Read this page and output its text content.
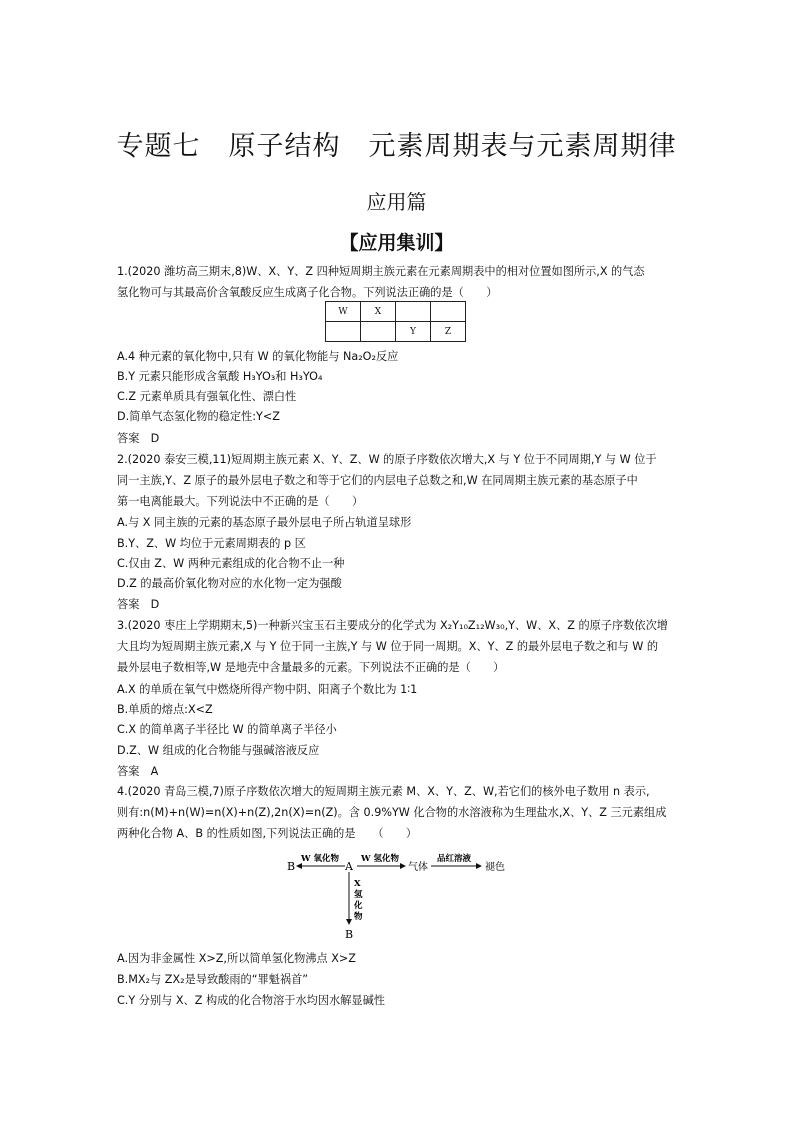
专题七　原子结构　元素周期表与元素周期律
应用篇
【应用集训】
1.(2020 潍坊高三期末,8)W、X、Y、Z 四种短周期主族元素在元素周期表中的相对位置如图所示,X 的气态
氢化物可与其最高价含氧酸反应生成离子化合物。下列说法正确的是（　　）
W	X		
		Y	Z
A.4 种元素的氧化物中,只有 W 的氧化物能与 Na₂O₂反应
B.Y 元素只能形成含氧酸 H₃YO₃和 H₃YO₄
C.Z 元素单质具有强氧化性、漂白性
D.简单气态氢化物的稳定性:Y<Z
答案　D
2.(2020 泰安三模,11)短周期主族元素 X、Y、Z、W 的原子序数依次增大,X 与 Y 位于不同周期,Y 与 W 位于
同一主族,Y、Z 原子的最外层电子数之和等于它们的内层电子总数之和,W 在同周期主族元素的基态原子中
第一电离能最大。下列说法中不正确的是（　　）
A.与 X 同主族的元素的基态原子最外层电子所占轨道呈球形
B.Y、Z、W 均位于元素周期表的 p 区
C.仅由 Z、W 两种元素组成的化合物不止一种
D.Z 的最高价氧化物对应的水化物一定为强酸
答案　D
3.(2020 枣庄上学期期末,5)一种新兴宝玉石主要成分的化学式为 X₂Y₁₀Z₁₂W₃₀,Y、W、X、Z 的原子序数依次增
大且均为短周期主族元素,X 与 Y 位于同一主族,Y 与 W 位于同一周期。X、Y、Z 的最外层电子数之和与 W 的
最外层电子数相等,W 是地壳中含量最多的元素。下列说法不正确的是（　　）
A.X 的单质在氧气中燃烧所得产物中阴、阳离子个数比为 1∶1
B.单质的熔点:X<Z
C.X 的简单离子半径比 W 的简单离子半径小
D.Z、W 组成的化合物能与强碱溶液反应
答案　A
4.(2020 青岛三模,7)原子序数依次增大的短周期主族元素 M、X、Y、Z、W,若它们的核外电子数用 n 表示,
则有:n(M)+n(W)=n(X)+n(Z),2n(X)=n(Z)。含 0.9%YW 化合物的水溶液称为生理盐水,X、Y、Z 三元素组成
两种化合物 A、B 的性质如图,下列说法正确的是　　（　　）
B
W 氧化物
A
W 氢化物
气体
品红溶液
褪色
X
氢
化
物
B
A.因为非金属性 X>Z,所以简单氢化物沸点 X>Z
B.MX₂与 ZX₂是导致酸雨的“罪魁祸首”
C.Y 分别与 X、Z 构成的化合物溶于水均因水解显碱性
